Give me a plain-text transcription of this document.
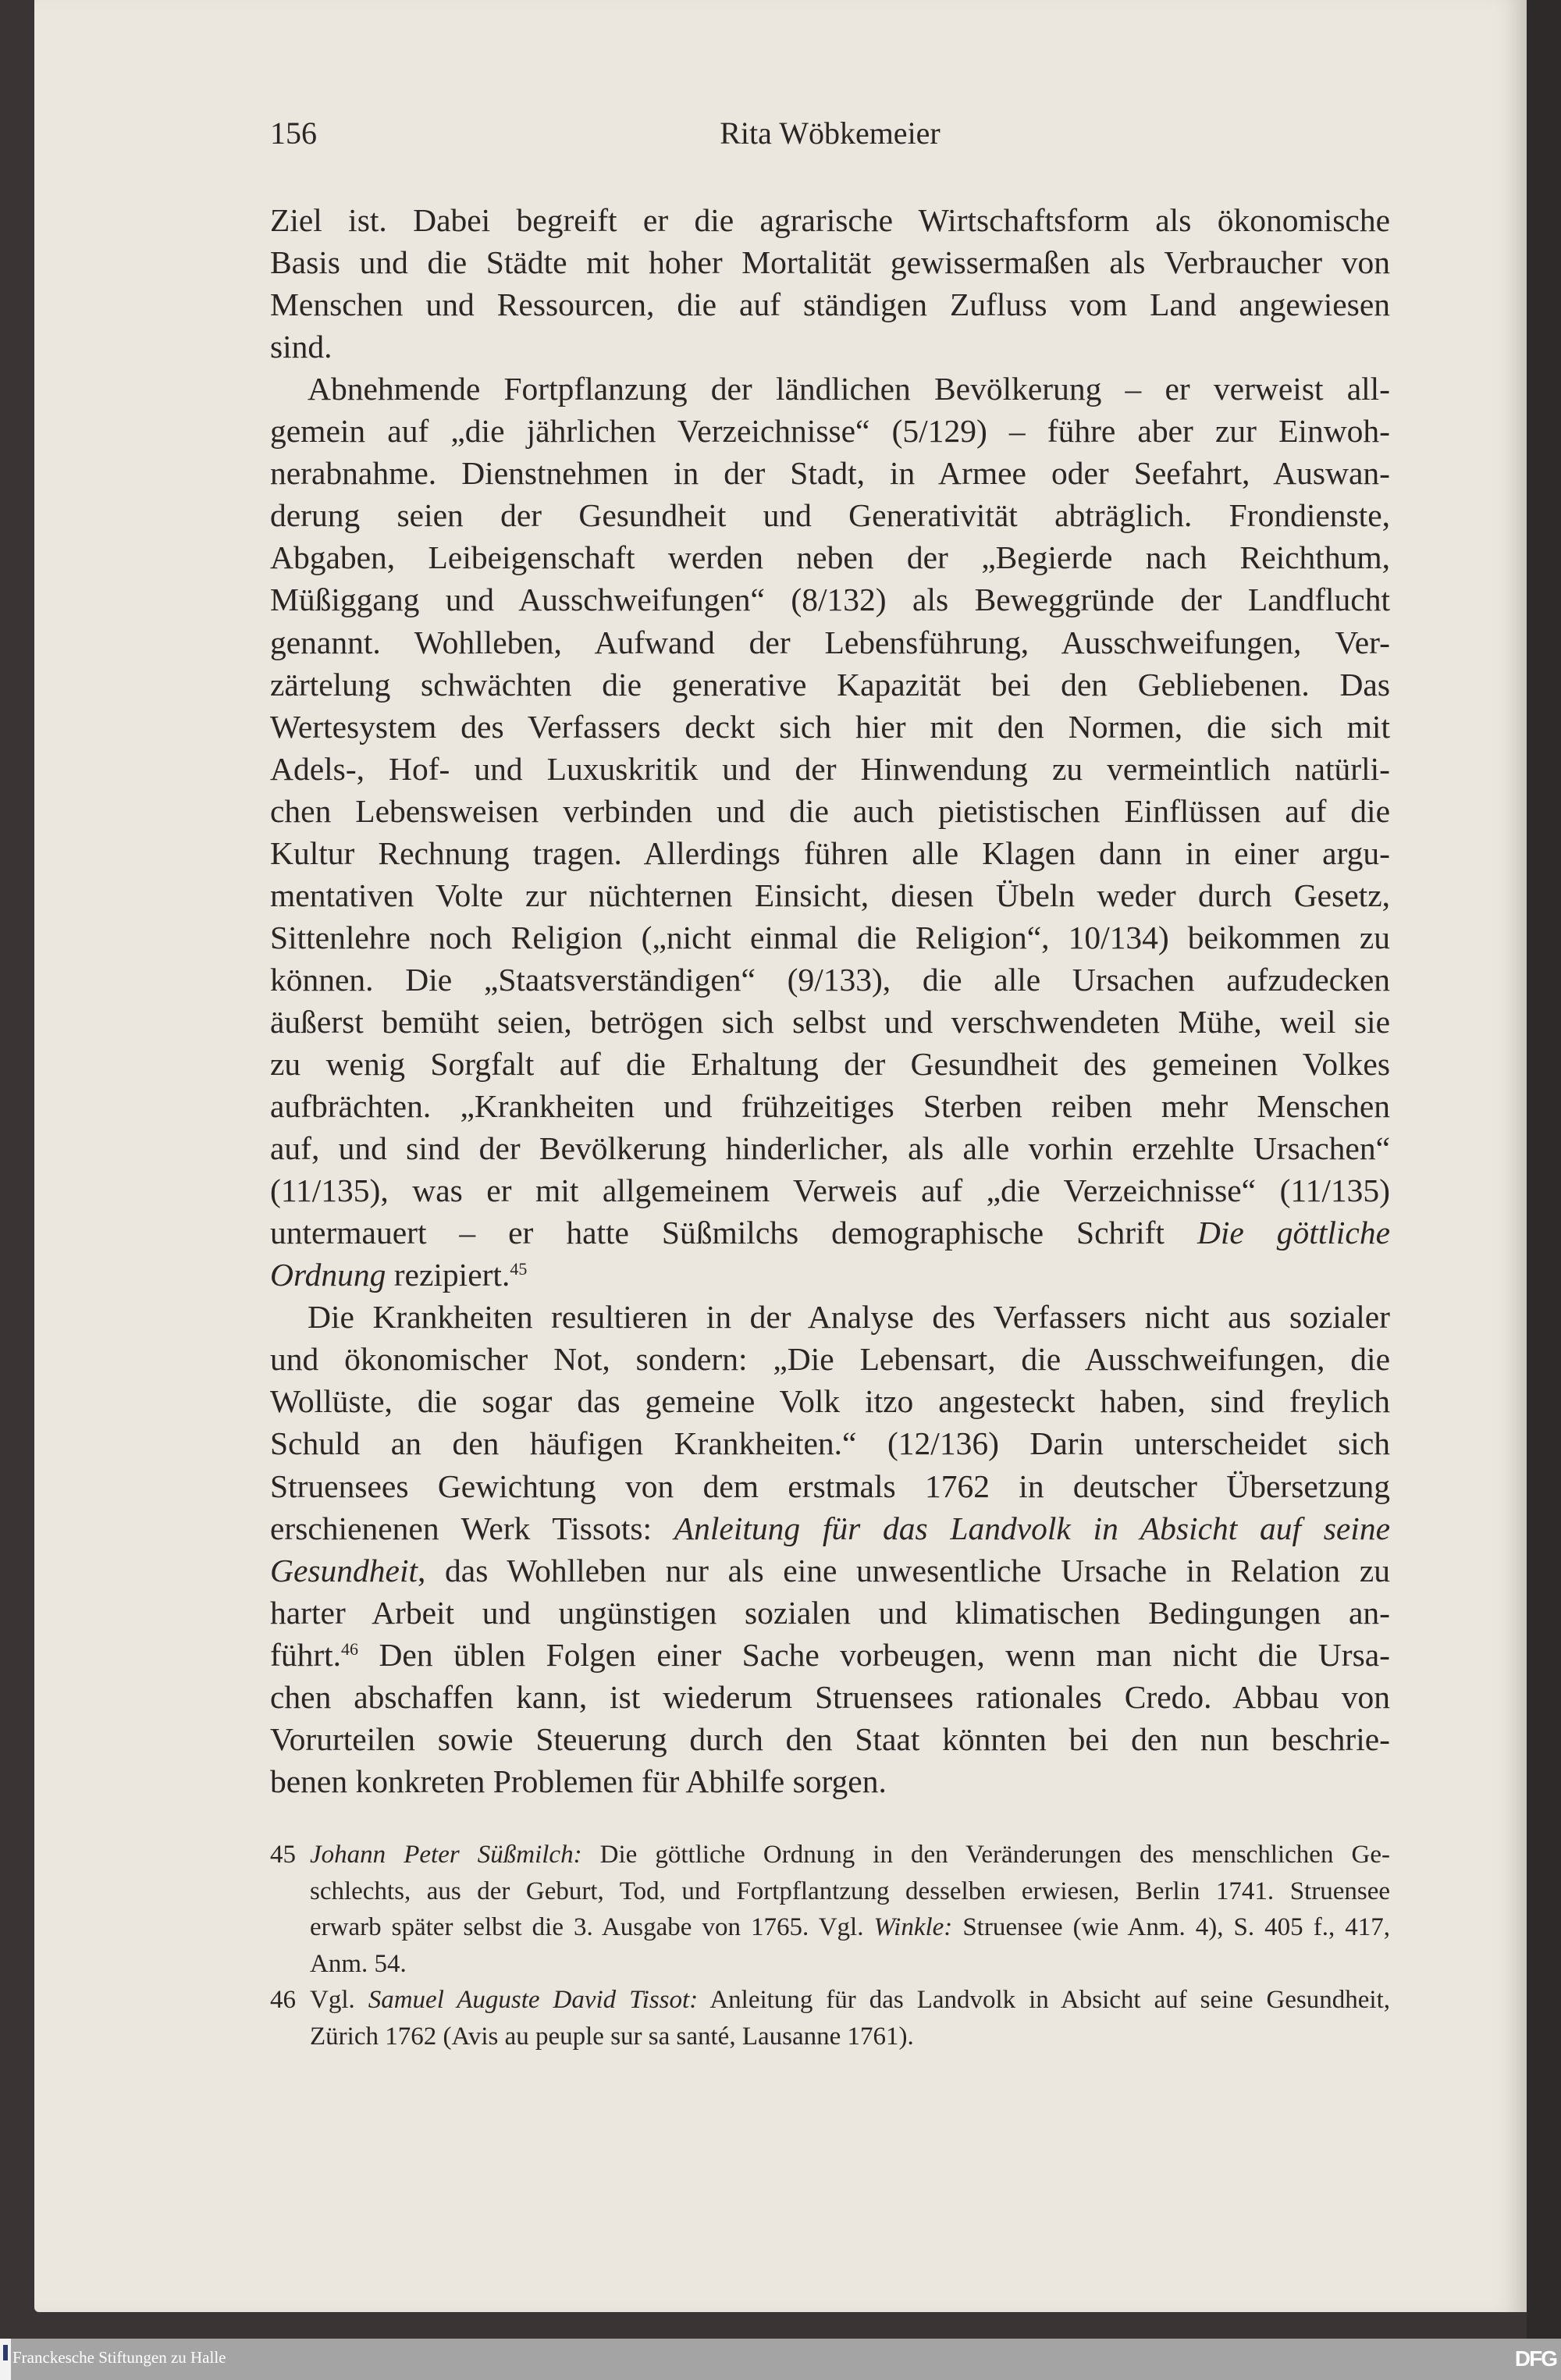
156	Rita Wöbkemeier
Ziel ist. Dabei begreift er die agrarische Wirtschaftsform als ökonomische
Basis und die Städte mit hoher Mortalität gewissermaßen als Verbraucher von
Menschen und Ressourcen, die auf ständigen Zufluss vom Land angewiesen
sind.
Abnehmende Fortpflanzung der ländlichen Bevölkerung – er verweist all-
gemein auf „die jährlichen Verzeichnisse“ (5/129) – führe aber zur Einwoh-
nerabnahme. Dienstnehmen in der Stadt, in Armee oder Seefahrt, Auswan-
derung seien der Gesundheit und Generativität abträglich. Frondienste,
Abgaben, Leibeigenschaft werden neben der „Begierde nach Reichthum,
Müßiggang und Ausschweifungen“ (8/132) als Beweggründe der Landflucht
genannt. Wohlleben, Aufwand der Lebensführung, Ausschweifungen, Ver-
zärtelung schwächten die generative Kapazität bei den Gebliebenen. Das
Wertesystem des Verfassers deckt sich hier mit den Normen, die sich mit
Adels-, Hof- und Luxuskritik und der Hinwendung zu vermeintlich natürli-
chen Lebensweisen verbinden und die auch pietistischen Einflüssen auf die
Kultur Rechnung tragen. Allerdings führen alle Klagen dann in einer argu-
mentativen Volte zur nüchternen Einsicht, diesen Übeln weder durch Gesetz,
Sittenlehre noch Religion („nicht einmal die Religion“, 10/134) beikommen zu
können. Die „Staatsverständigen“ (9/133), die alle Ursachen aufzudecken
äußerst bemüht seien, betrögen sich selbst und verschwendeten Mühe, weil sie
zu wenig Sorgfalt auf die Erhaltung der Gesundheit des gemeinen Volkes
aufbrächten. „Krankheiten und frühzeitiges Sterben reiben mehr Menschen
auf, und sind der Bevölkerung hinderlicher, als alle vorhin erzehlte Ursachen“
(11/135), was er mit allgemeinem Verweis auf „die Verzeichnisse“ (11/135)
untermauert – er hatte Süßmilchs demographische Schrift Die göttliche
Ordnung rezipiert.$^{45}$
Die Krankheiten resultieren in der Analyse des Verfassers nicht aus sozialer
und ökonomischer Not, sondern: „Die Lebensart, die Ausschweifungen, die
Wollüste, die sogar das gemeine Volk itzo angesteckt haben, sind freylich
Schuld an den häufigen Krankheiten.“ (12/136) Darin unterscheidet sich
Struensees Gewichtung von dem erstmals 1762 in deutscher Übersetzung
erschienenen Werk Tissots: Anleitung für das Landvolk in Absicht auf seine
Gesundheit, das Wohlleben nur als eine unwesentliche Ursache in Relation zu
harter Arbeit und ungünstigen sozialen und klimatischen Bedingungen an-
führt.$^{46}$ Den üblen Folgen einer Sache vorbeugen, wenn man nicht die Ursa-
chen abschaffen kann, ist wiederum Struensees rationales Credo. Abbau von
Vorurteilen sowie Steuerung durch den Staat könnten bei den nun beschrie-
benen konkreten Problemen für Abhilfe sorgen.
45 Johann Peter Süßmilch: Die göttliche Ordnung in den Veränderungen des menschlichen Ge-
schlechts, aus der Geburt, Tod, und Fortpflantzung desselben erwiesen, Berlin 1741. Struensee
erwarb später selbst die 3. Ausgabe von 1765. Vgl. Winkle: Struensee (wie Anm. 4), S. 405 f., 417,
Anm. 54.
46 Vgl. Samuel Auguste David Tissot: Anleitung für das Landvolk in Absicht auf seine Gesundheit,
Zürich 1762 (Avis au peuple sur sa santé, Lausanne 1761).
Franckesche Stiftungen zu Halle	DFG
